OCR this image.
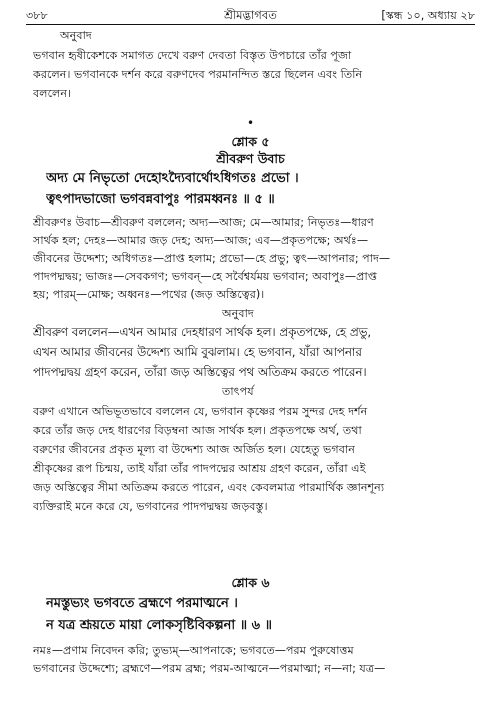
৩৮৮	শ্রীমদ্ভাগবত	[স্কন্ধ ১০, অধ্যায় ২৮
অনুবাদ
ভগবান হৃষীকেশকে সমাগত দেখে বরুণ দেবতা বিস্তৃত উপচারে তাঁর পূজা
করলেন। ভগবানকে দর্শন করে বরুণদেব পরমানন্দিত স্তরে ছিলেন এবং তিনি
বললেন।
•
শ্লোক ৫
শ্রীবরুণ উবাচ
অদ্য মে নিভৃতো দেহোঽদ্যৈবার্থোঽধিগতঃ প্রভো ।
ত্বৎপাদভাজো ভগবন্নবাপুঃ পারমধ্বনঃ ॥ ৫ ॥
শ্রীবরুণঃ উবাচ—শ্রীবরুণ বললেন; অদ্য—আজ; মে—আমার; নিভৃতঃ—ধারণ
সার্থক হল; দেহঃ—আমার জড় দেহ; অদ্য—আজ; এব—প্রকৃতপক্ষে; অর্থঃ—
জীবনের উদ্দেশ্য; অধিগতঃ—প্রাপ্ত হলাম; প্রভো—হে প্রভু; ত্বৎ—আপনার; পাদ—
পাদপদ্মদ্বয়; ভাজঃ—সেবকগণ; ভগবন্—হে সর্বৈশ্বর্যময় ভগবান; অবাপুঃ—প্রাপ্ত
হয়; পারম্—মোক্ষ; অধ্বনঃ—পথের (জড় অস্তিত্বের)।
অনুবাদ
শ্রীবরুণ বললেন—এখন আমার দেহধারণ সার্থক হল। প্রকৃতপক্ষে, হে প্রভু,
এখন আমার জীবনের উদ্দেশ্য আমি বুঝলাম। হে ভগবান, যাঁরা আপনার
পাদপদ্মদ্বয় গ্রহণ করেন, তাঁরা জড় অস্তিত্বের পথ অতিক্রম করতে পারেন।
তাৎপর্য
বরুণ এখানে অভিভূতভাবে বললেন যে, ভগবান কৃষ্ণের পরম সুন্দর দেহ দর্শন
করে তাঁর জড় দেহ ধারণের বিড়ম্বনা আজ সার্থক হল। প্রকৃতপক্ষে অর্থ, তথা
বরুণের জীবনের প্রকৃত মূল্য বা উদ্দেশ্য আজ অর্জিত হল। যেহেতু ভগবান
শ্রীকৃষ্ণের রূপ চিন্ময়, তাই যাঁরা তাঁর পাদপদ্মের আশ্রয় গ্রহণ করেন, তাঁরা এই
জড় অস্তিত্বের সীমা অতিক্রম করতে পারেন, এবং কেবলমাত্র পারমার্থিক জ্ঞানশূন্য
ব্যক্তিরাই মনে করে যে, ভগবানের পাদপদ্মদ্বয় জড়বস্তু।
শ্লোক ৬
নমস্তুভ্যং ভগবতে ব্রহ্মণে পরমাত্মনে ।
ন যত্র শ্রূয়তে মায়া লোকসৃষ্টিবিকল্পনা ॥ ৬ ॥
নমঃ—প্রণাম নিবেদন করি; তুভ্যম্—আপনাকে; ভগবতে—পরম পুরুষোত্তম
ভগবানের উদ্দেশ্যে; ব্রহ্মণে—পরম ব্রহ্ম; পরম-আত্মনে—পরমাত্মা; ন—না; যত্র—
